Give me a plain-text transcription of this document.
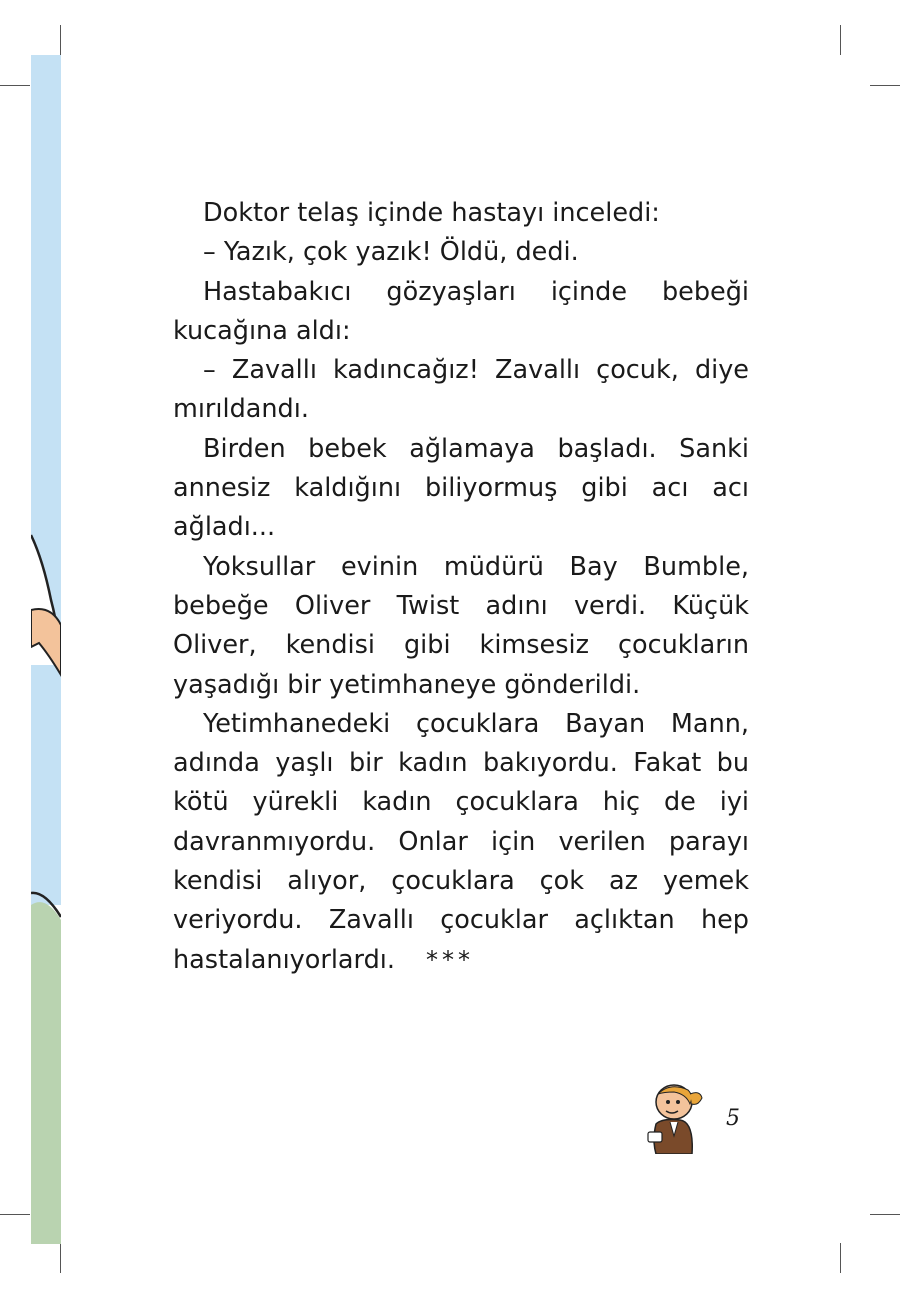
Doktor telaş içinde hastayı inceledi:

– Yazık, çok yazık! Öldü, dedi.

Hastabakıcı gözyaşları içinde bebeği kucağına aldı:

– Zavallı kadıncağız! Zavallı çocuk, diye mırıldandı.

Birden bebek ağlamaya başladı. Sanki annesiz kaldığını biliyormuş gibi acı acı ağladı...

Yoksullar evinin müdürü Bay Bumble, bebeğe Oliver Twist adını verdi. Küçük Oliver, kendisi gibi kimsesiz çocukların yaşadığı bir yetimhaneye gönderildi.

Yetimhanedeki çocuklara Bayan Mann, adında yaşlı bir kadın bakıyordu. Fakat bu kötü yürekli kadın çocuklara hiç de iyi davranmıyordu. Onlar için verilen parayı kendisi alıyor, çocuklara çok az yemek veriyordu. Zavallı çocuklar açlıktan hep hastalanıyorlardı.	***
5
